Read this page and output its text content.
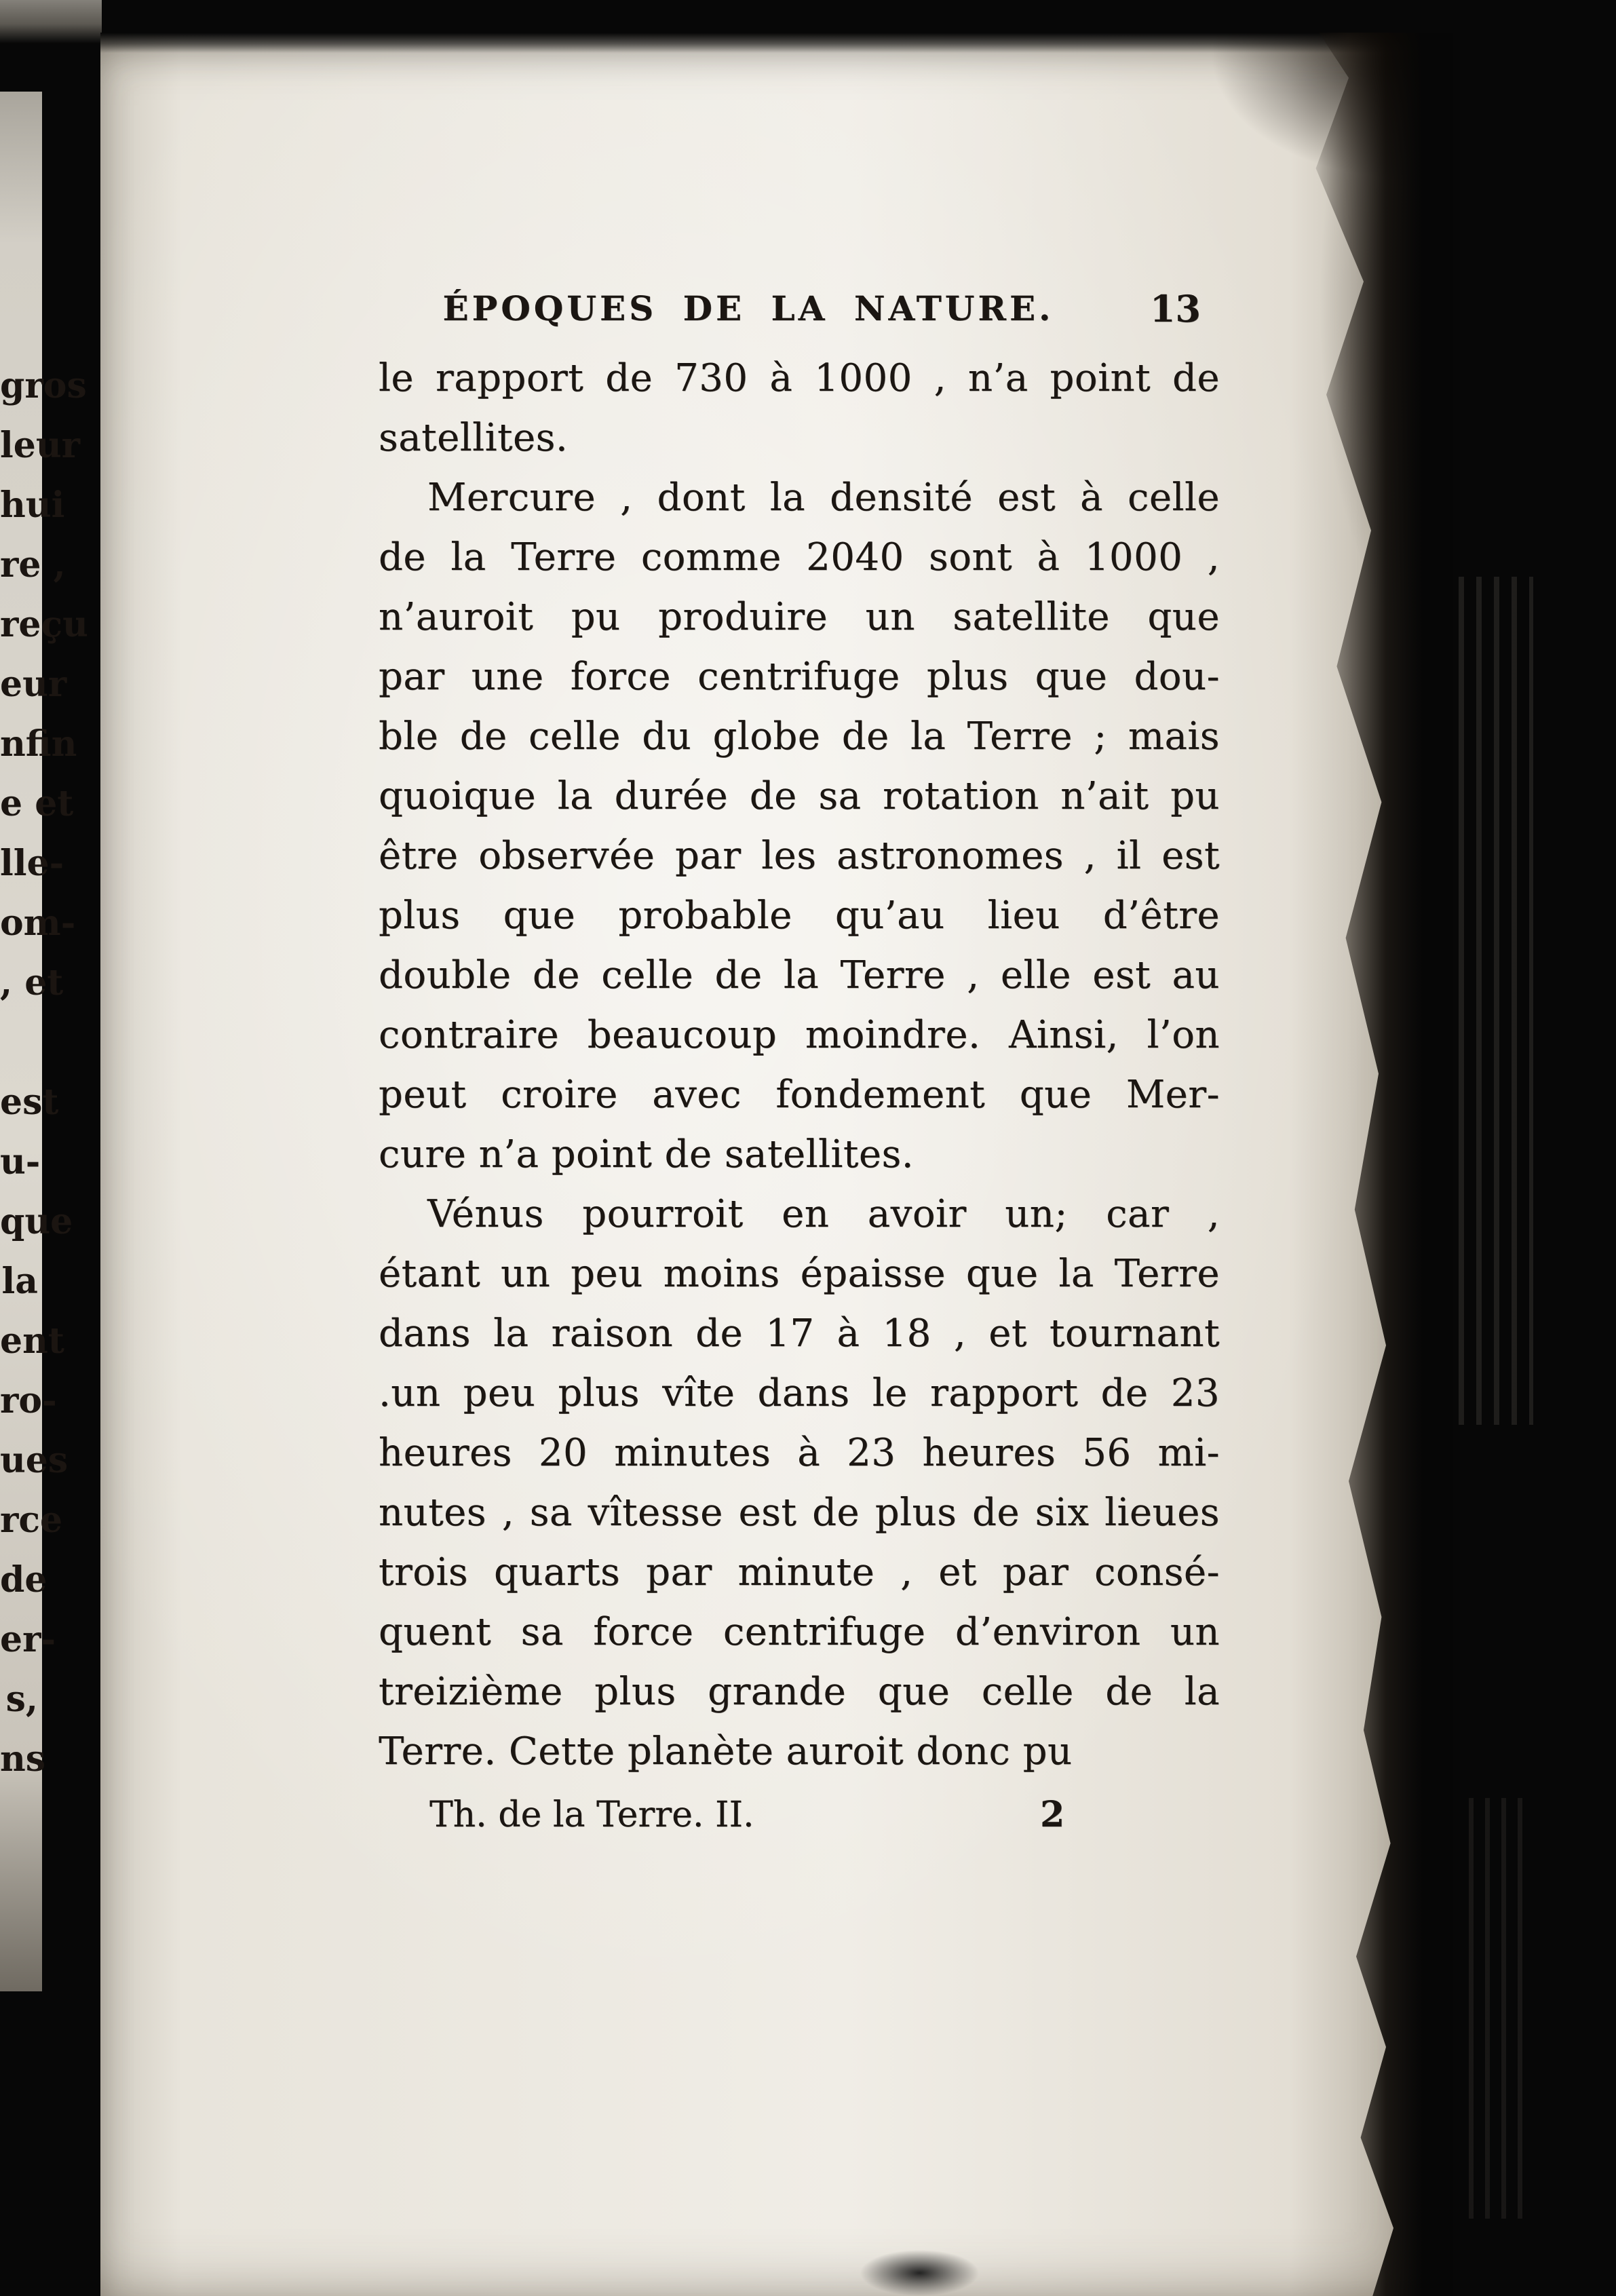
gros
leur
hui
re ,
reçu
eur
nfin
e et
lle-
om-
, et
est
u-
que
la
ent
ro-
ues
rce
de
er-
s,
ns
ÉPOQUES DE LA NATURE.	13
le rapport de 730 à 1000 , n’a point de
satellites.
Mercure , dont la densité est à celle
de la Terre comme 2040 sont à 1000 ,
n’auroit pu produire un satellite que
par une force centrifuge plus que dou-
ble de celle du globe de la Terre ; mais
quoique la durée de sa rotation n’ait pu
être observée par les astronomes , il est
plus que probable qu’au lieu d’être
double de celle de la Terre , elle est au
contraire beaucoup moindre. Ainsi, l’on
peut croire avec fondement que Mer-
cure n’a point de satellites.
Vénus pourroit en avoir un; car ,
étant un peu moins épaisse que la Terre
dans la raison de 17 à 18 , et tournant
.un peu plus vîte dans le rapport de 23
heures 20 minutes à 23 heures 56 mi-
nutes , sa vîtesse est de plus de six lieues
trois quarts par minute , et par consé-
quent sa force centrifuge d’environ un
treizième plus grande que celle de la
Terre. Cette planète auroit donc pu
Th. de la Terre. II.	2
